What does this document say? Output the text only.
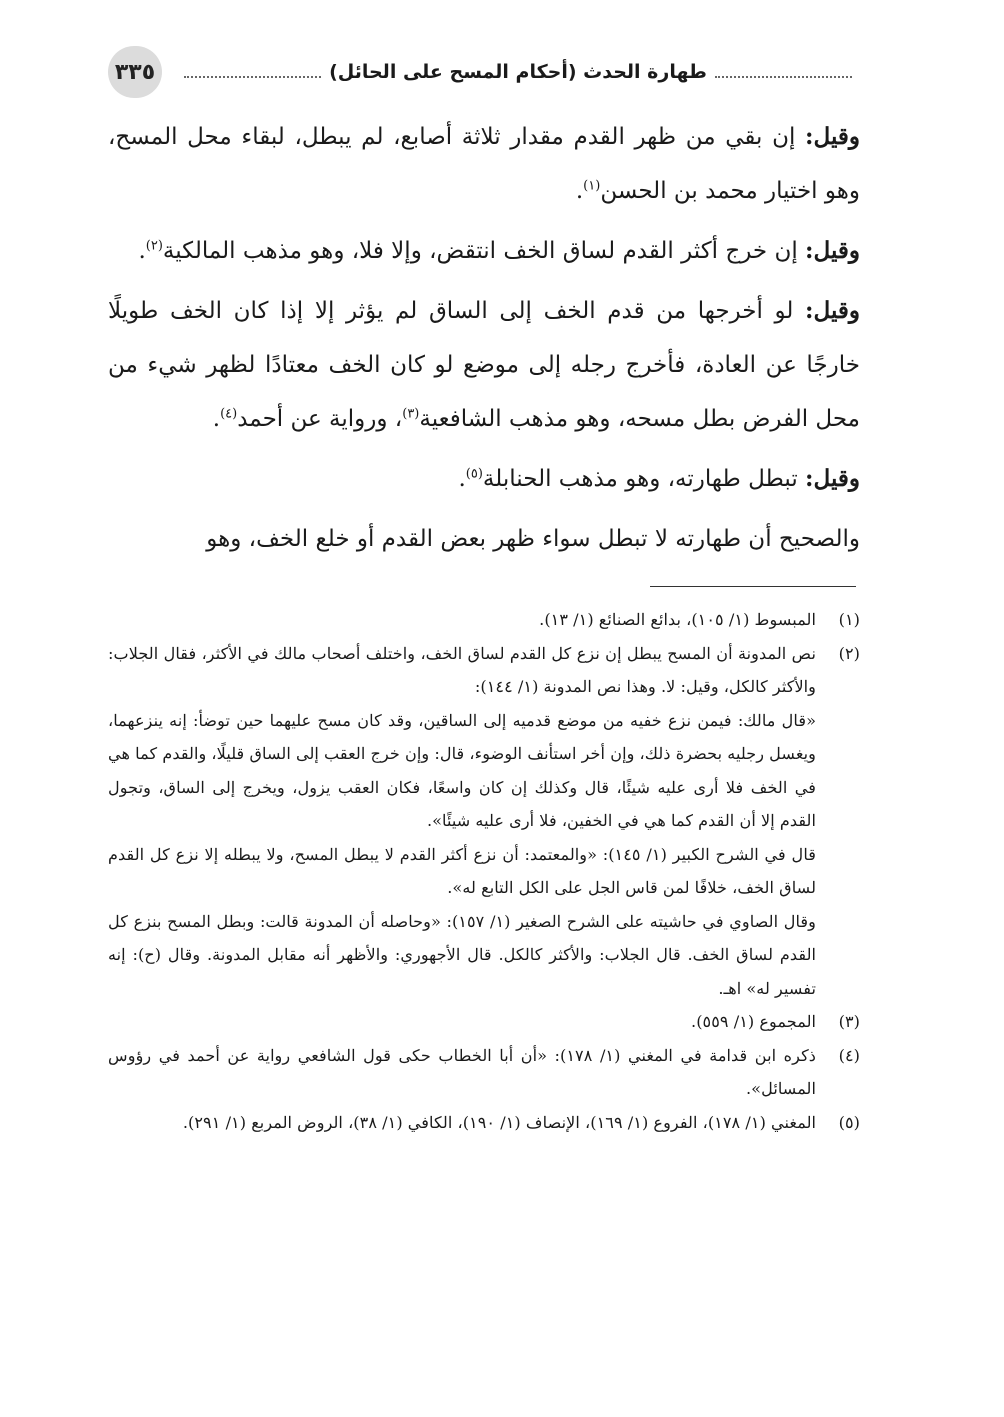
٣٣٥	طهارة الحدث (أحكام المسح على الحائل)

وقيل: إن بقي من ظهر القدم مقدار ثلاثة أصابع، لم يبطل، لبقاء محل المسح، وهو اختيار محمد بن الحسن$^{(١)}$.

وقيل: إن خرج أكثر القدم لساق الخف انتقض، وإلا فلا، وهو مذهب المالكية$^{(٢)}$.

وقيل: لو أخرجها من قدم الخف إلى الساق لم يؤثر إلا إذا كان الخف طويلًا خارجًا عن العادة، فأخرج رجله إلى موضع لو كان الخف معتادًا لظهر شيء من محل الفرض بطل مسحه، وهو مذهب الشافعية$^{(٣)}$، ورواية عن أحمد$^{(٤)}$.

وقيل: تبطل طهارته، وهو مذهب الحنابلة$^{(٥)}$.

والصحيح أن طهارته لا تبطل سواء ظهر بعض القدم أو خلع الخف، وهو

(١)

المبسوط (١/ ١٠٥)، بدائع الصنائع (١/ ١٣).

(٢)

نص المدونة أن المسح يبطل إن نزع كل القدم لساق الخف، واختلف أصحاب مالك في الأكثر، فقال الجلاب: والأكثر كالكل، وقيل: لا. وهذا نص المدونة (١/ ١٤٤):

«قال مالك: فيمن نزع خفيه من موضع قدميه إلى الساقين، وقد كان مسح عليهما حين توضأ: إنه ينزعهما، ويغسل رجليه بحضرة ذلك، وإن أخر استأنف الوضوء، قال: وإن خرج العقب إلى الساق قليلًا، والقدم كما هي في الخف فلا أرى عليه شيئًا، قال وكذلك إن كان واسعًا، فكان العقب يزول، ويخرج إلى الساق، وتجول القدم إلا أن القدم كما هي في الخفين، فلا أرى عليه شيئًا».

قال في الشرح الكبير (١/ ١٤٥): «والمعتمد: أن نزع أكثر القدم لا يبطل المسح، ولا يبطله إلا نزع كل القدم لساق الخف، خلافًا لمن قاس الجل على الكل التابع له».

وقال الصاوي في حاشيته على الشرح الصغير (١/ ١٥٧): «وحاصله أن المدونة قالت: وبطل المسح بنزع كل القدم لساق الخف. قال الجلاب: والأكثر كالكل. قال الأجهوري: والأظهر أنه مقابل المدونة. وقال (ح): إنه تفسير له» اهـ.

(٣)

المجموع (١/ ٥٥٩).

(٤)

ذكره ابن قدامة في المغني (١/ ١٧٨): «أن أبا الخطاب حكى قول الشافعي رواية عن أحمد في رؤوس المسائل».

(٥)

المغني (١/ ١٧٨)، الفروع (١/ ١٦٩)، الإنصاف (١/ ١٩٠)، الكافي (١/ ٣٨)، الروض المربع (١/ ٢٩١).
